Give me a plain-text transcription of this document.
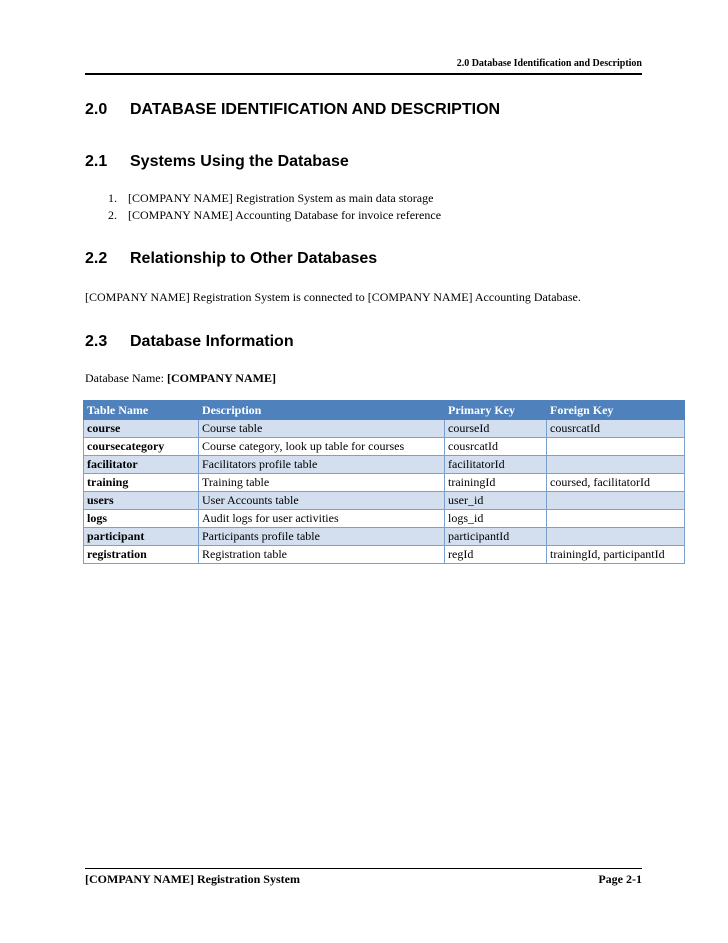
2.0 Database Identification and Description
2.0 DATABASE IDENTIFICATION AND DESCRIPTION
2.1 Systems Using the Database
1. [COMPANY NAME] Registration System as main data storage
2. [COMPANY NAME] Accounting Database for invoice reference
2.2 Relationship to Other Databases
[COMPANY NAME] Registration System is connected to [COMPANY NAME] Accounting Database.
2.3 Database Information
Database Name: [COMPANY NAME]
Table Name	Description	Primary Key	Foreign Key
course	Course table	courseId	cousrcatId
coursecategory	Course category, look up table for courses	cousrcatId	
facilitator	Facilitators profile table	facilitatorId	
training	Training table	trainingId	coursed, facilitatorId
users	User Accounts table	user_id	
logs	Audit logs for user activities	logs_id	
participant	Participants profile table	participantId	
registration	Registration table	regId	trainingId, participantId
[COMPANY NAME] Registration System	Page 2-1
